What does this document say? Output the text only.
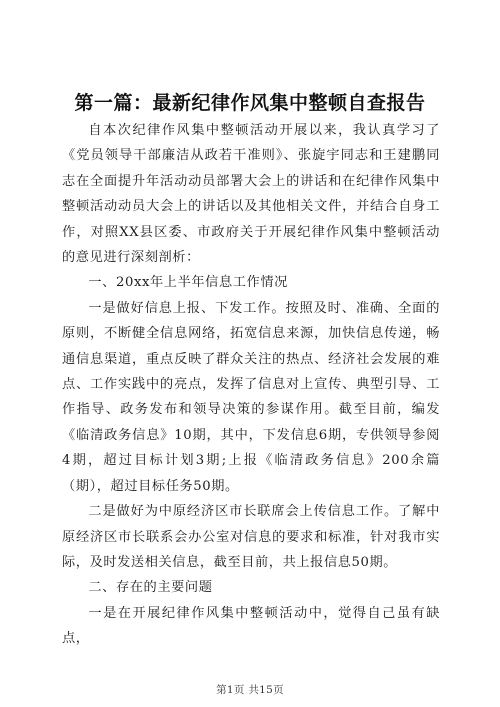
第一篇：最新纪律作风集中整顿自查报告

自本次纪律作风集中整顿活动开展以来，我认真学习了《党员领导干部廉洁从政若干准则》、张旋宇同志和王建鹏同志在全面提升年活动动员部署大会上的讲话和在纪律作风集中整顿活动动员大会上的讲话以及其他相关文件，并结合自身工作，对照XX县区委、市政府关于开展纪律作风集中整顿活动的意见进行深刻剖析：

一、20xx年上半年信息工作情况

一是做好信息上报、下发工作。按照及时、准确、全面的原则，不断健全信息网络，拓宽信息来源，加快信息传递，畅通信息渠道，重点反映了群众关注的热点、经济社会发展的难点、工作实践中的亮点，发挥了信息对上宣传、典型引导、工作指导、政务发布和领导决策的参谋作用。截至目前，编发《临清政务信息》10期，其中，下发信息6期，专供领导参阅4期，超过目标计划3期;上报《临清政务信息》200余篇（期），超过目标任务50期。

二是做好为中原经济区市长联席会上传信息工作。了解中原经济区市长联系会办公室对信息的要求和标准，针对我市实际，及时发送相关信息，截至目前，共上报信息50期。

二、存在的主要问题

一是在开展纪律作风集中整顿活动中，觉得自己虽有缺点，

第1页 共15页
